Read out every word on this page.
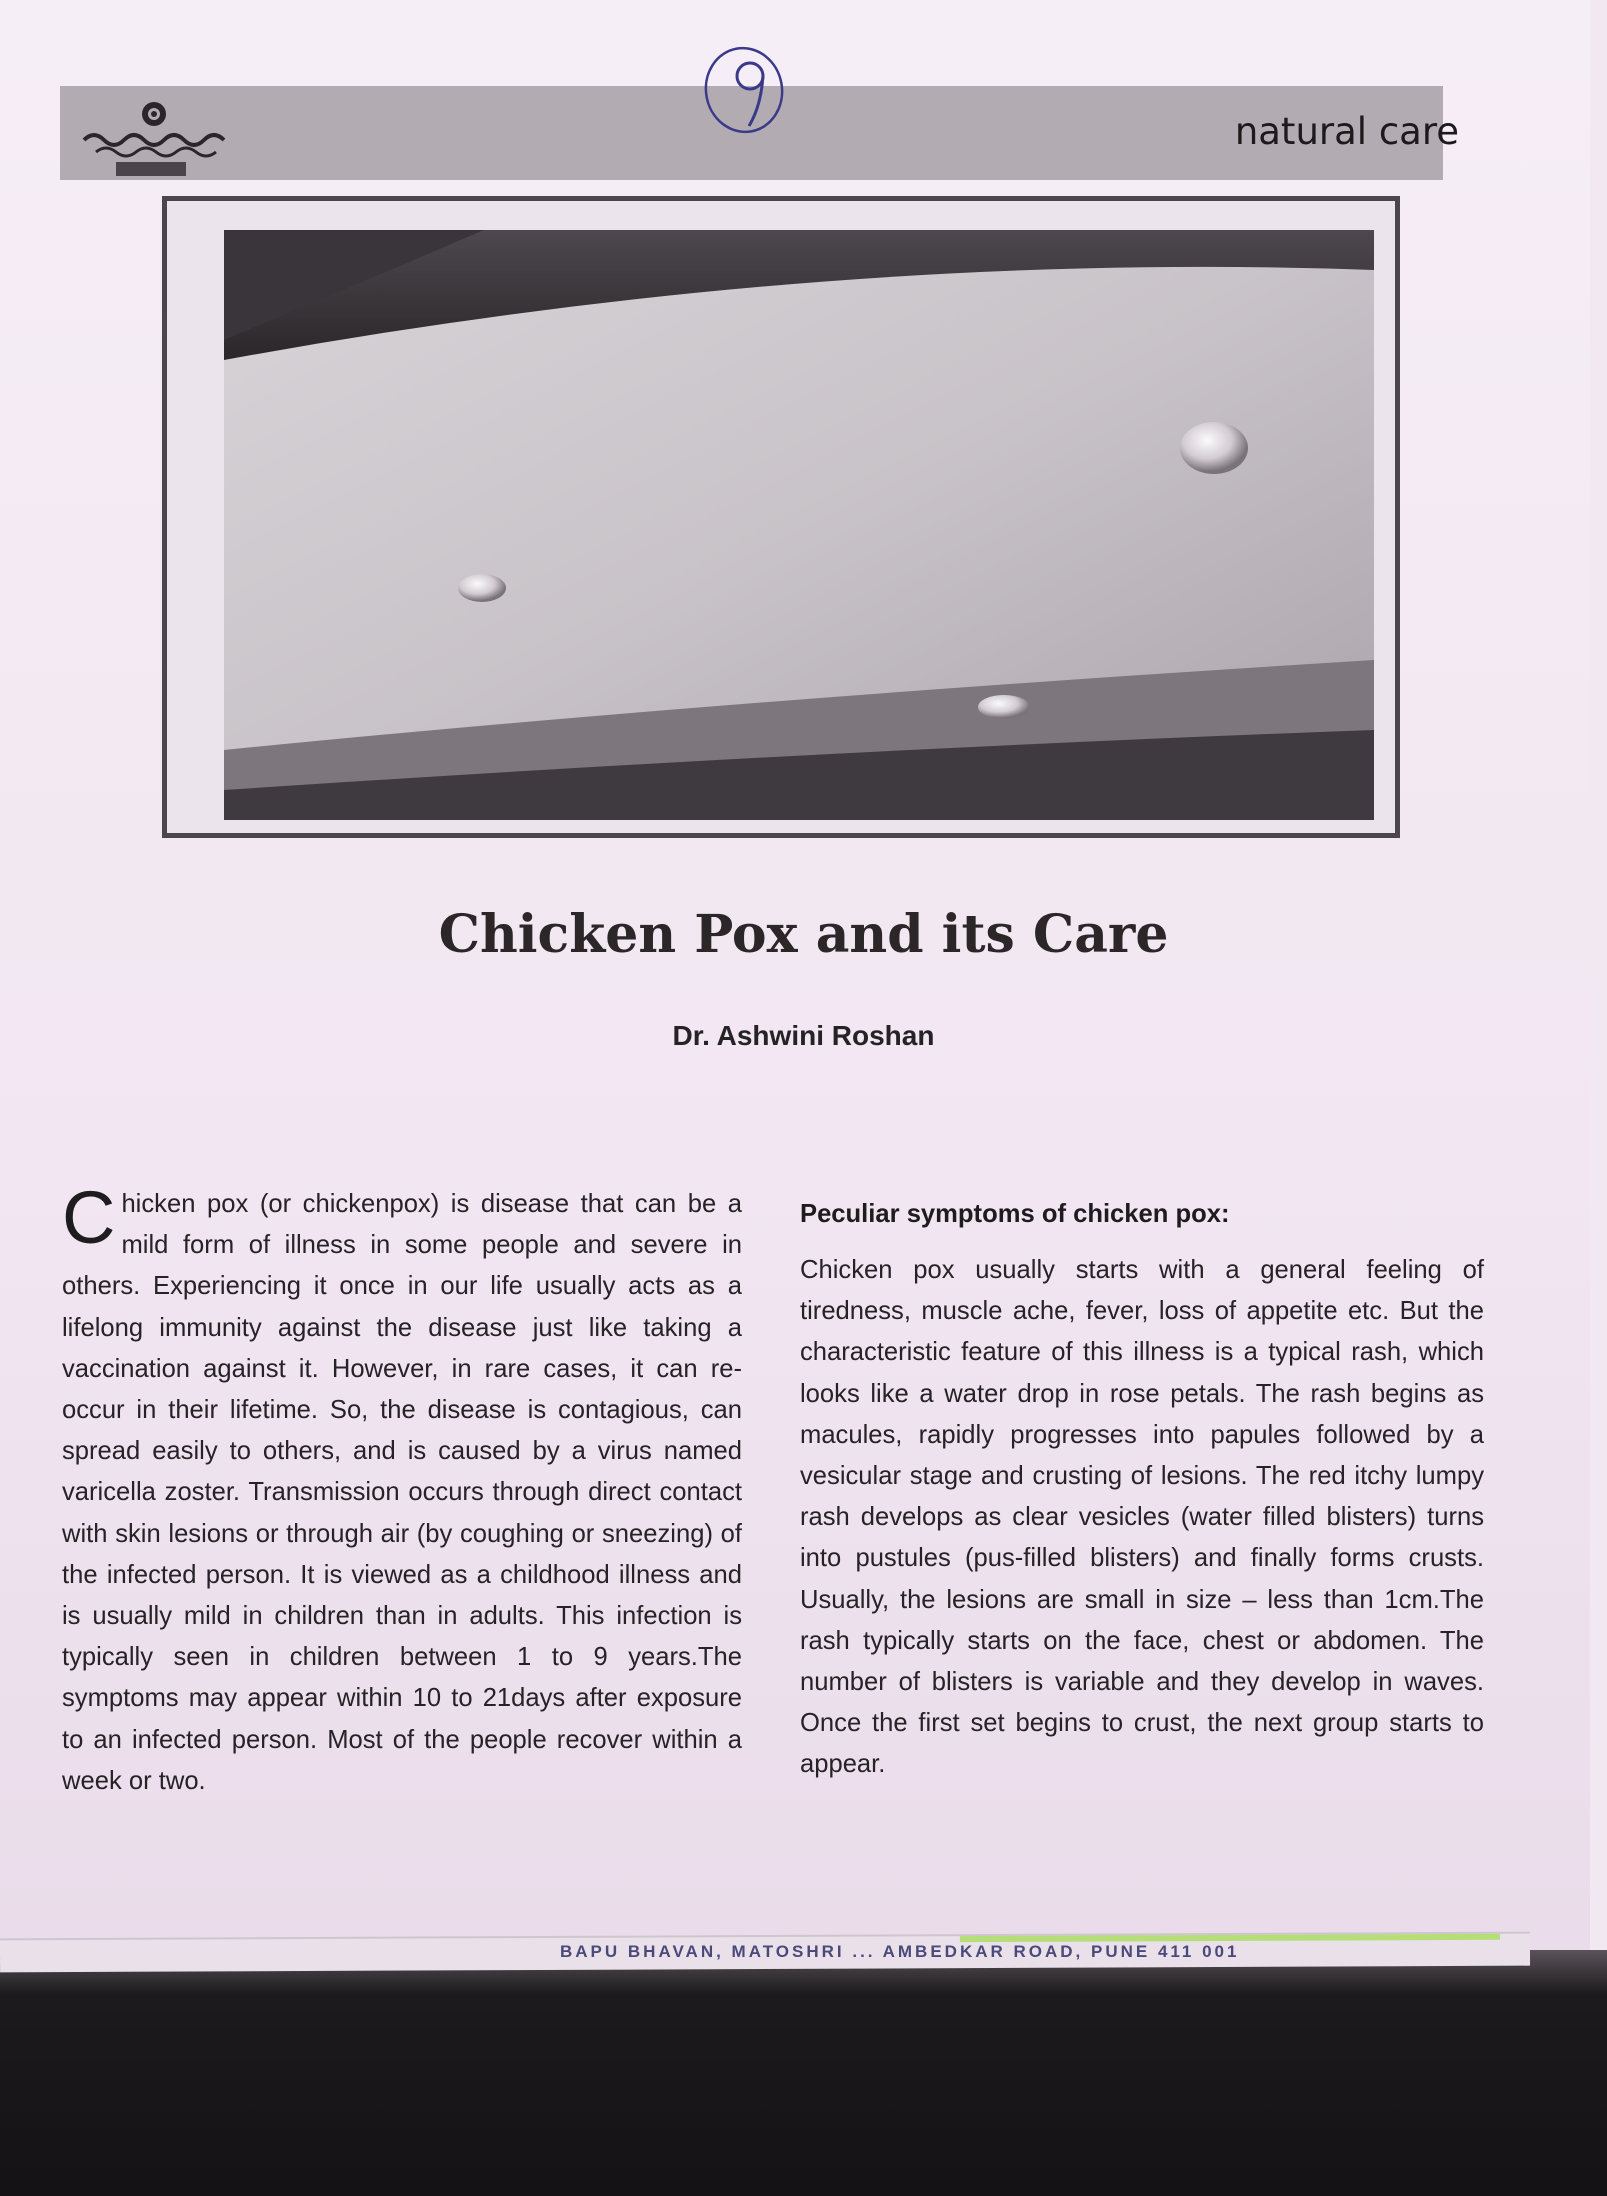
natural care
Chicken Pox and its Care
Dr. Ashwini Roshan
Chicken pox (or chickenpox) is disease that can be a mild form of illness in some people and severe in others. Experiencing it once in our life usually acts as a lifelong immunity against the disease just like taking a vaccination against it. However, in rare cases, it can re-occur in their lifetime. So, the disease is contagious, can spread easily to others, and is caused by a virus named varicella zoster. Transmission occurs through direct contact with skin lesions or through air (by coughing or sneezing) of the infected person. It is viewed as a childhood illness and is usually mild in children than in adults. This infection is typically seen in children between 1 to 9 years.The symptoms may appear within 10 to 21days after exposure to an infected person. Most of the people recover within a week or two.
Peculiar symptoms of chicken pox:
Chicken pox usually starts with a general feeling of tiredness, muscle ache, fever, loss of appetite etc. But the characteristic feature of this illness is a typical rash, which looks like a water drop in rose petals. The rash begins as macules, rapidly progresses into papules followed by a vesicular stage and crusting of lesions. The red itchy lumpy rash develops as clear vesicles (water filled blisters) turns into pustules (pus-filled blisters) and finally forms crusts. Usually, the lesions are small in size – less than 1cm.The rash typically starts on the face, chest or abdomen. The number of blisters is variable and they develop in waves. Once the first set begins to crust, the next group starts to appear.
BAPU BHAVAN, MATOSHRI ... AMBEDKAR ROAD, PUNE 411 001
